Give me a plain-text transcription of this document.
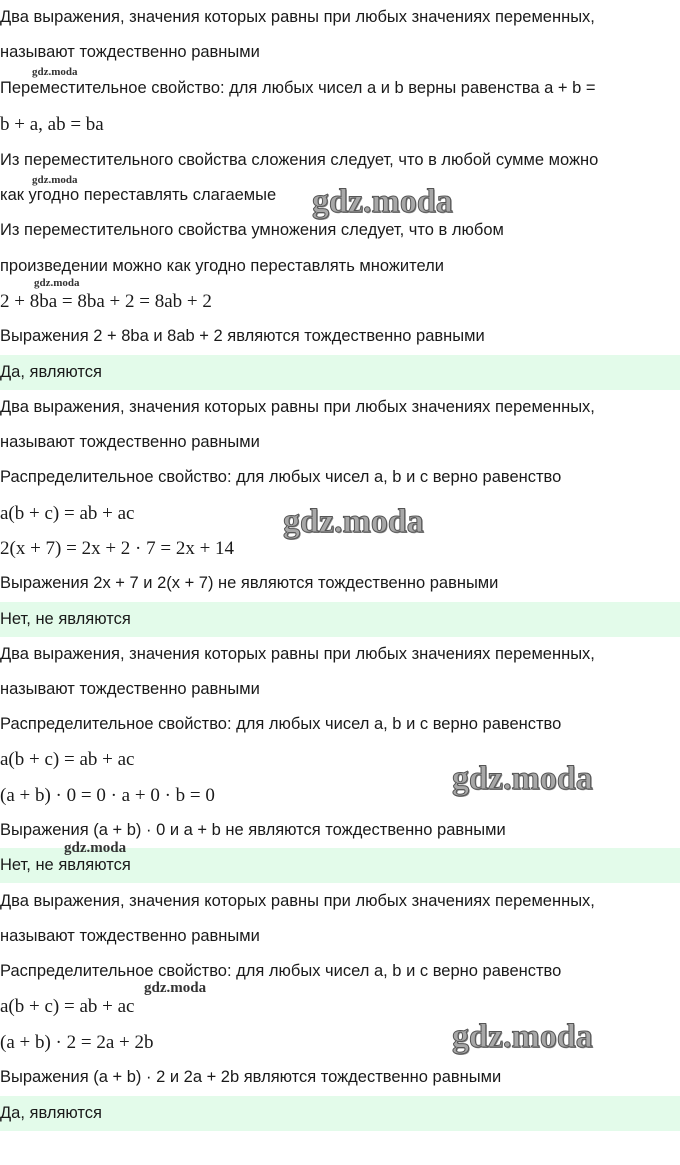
Два выражения, значения которых равны при любых значениях переменных,
называют тождественно равными
Переместительное свойство: для любых чисел a и b верны равенства a + b =
b + a, ab = ba
Из переместительного свойства сложения следует, что в любой сумме можно
как угодно переставлять слагаемые
Из переместительного свойства умножения следует, что в любом
произведении можно как угодно переставлять множители
2 + 8ba = 8ba + 2 = 8ab + 2
Выражения 2 + 8ba и 8ab + 2 являются тождественно равными
Да, являются
Два выражения, значения которых равны при любых значениях переменных,
называют тождественно равными
Распределительное свойство: для любых чисел a, b и c верно равенство
a(b + c) = ab + ac
2(x + 7) = 2x + 2 · 7 = 2x + 14
Выражения 2x + 7 и 2(x + 7) не являются тождественно равными
Нет, не являются
Два выражения, значения которых равны при любых значениях переменных,
называют тождественно равными
Распределительное свойство: для любых чисел a, b и c верно равенство
a(b + c) = ab + ac
(a + b) · 0 = 0 · a + 0 · b = 0
Выражения (a + b) · 0 и a + b не являются тождественно равными
Нет, не являются
Два выражения, значения которых равны при любых значениях переменных,
называют тождественно равными
Распределительное свойство: для любых чисел a, b и c верно равенство
a(b + c) = ab + ac
(a + b) · 2 = 2a + 2b
Выражения (a + b) · 2 и 2a + 2b являются тождественно равными
Да, являются
gdz.moda
gdz.moda
gdz.moda
gdz.moda
gdz.moda
gdz.moda
gdz.moda
gdz.moda
gdz.moda
